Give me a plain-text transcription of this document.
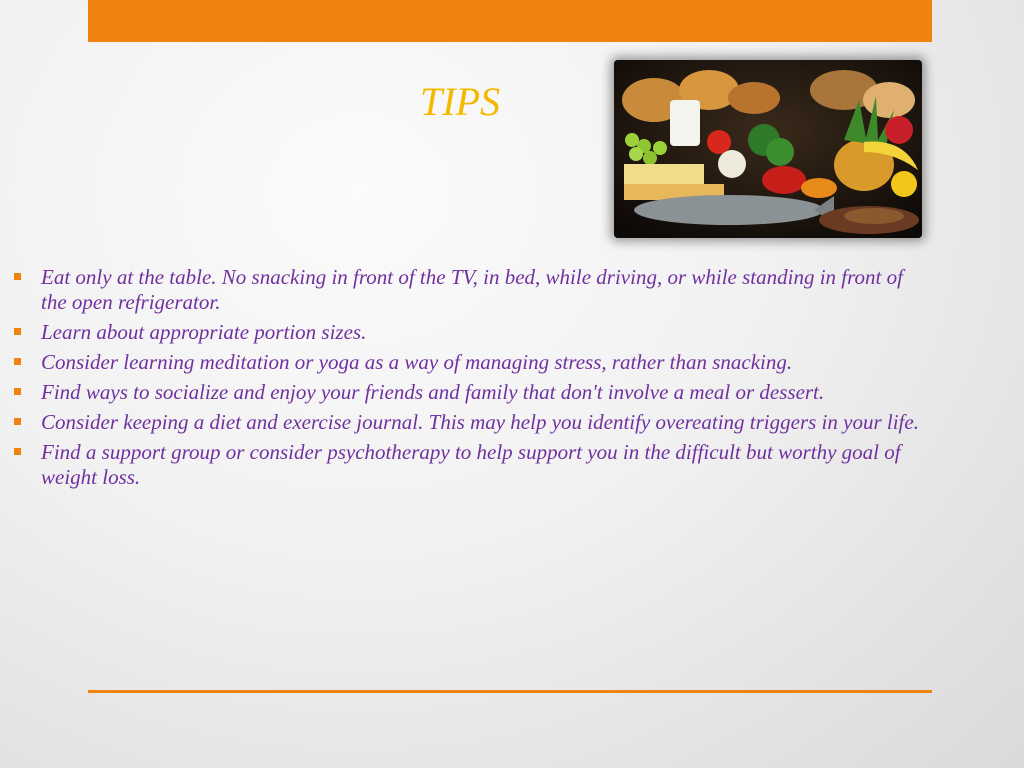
TIPS
Eat only at the table. No snacking in front of the TV, in bed, while driving, or while standing in front of the open refrigerator.
Learn about appropriate portion sizes.
Consider learning meditation or yoga as a way of managing stress, rather than snacking.
Find ways to socialize and enjoy your friends and family that don't involve a meal or dessert.
Consider keeping a diet and exercise journal. This may help you identify overeating triggers in your life.
Find a support group or consider psychotherapy to help support you in the difficult but worthy goal of weight loss.
